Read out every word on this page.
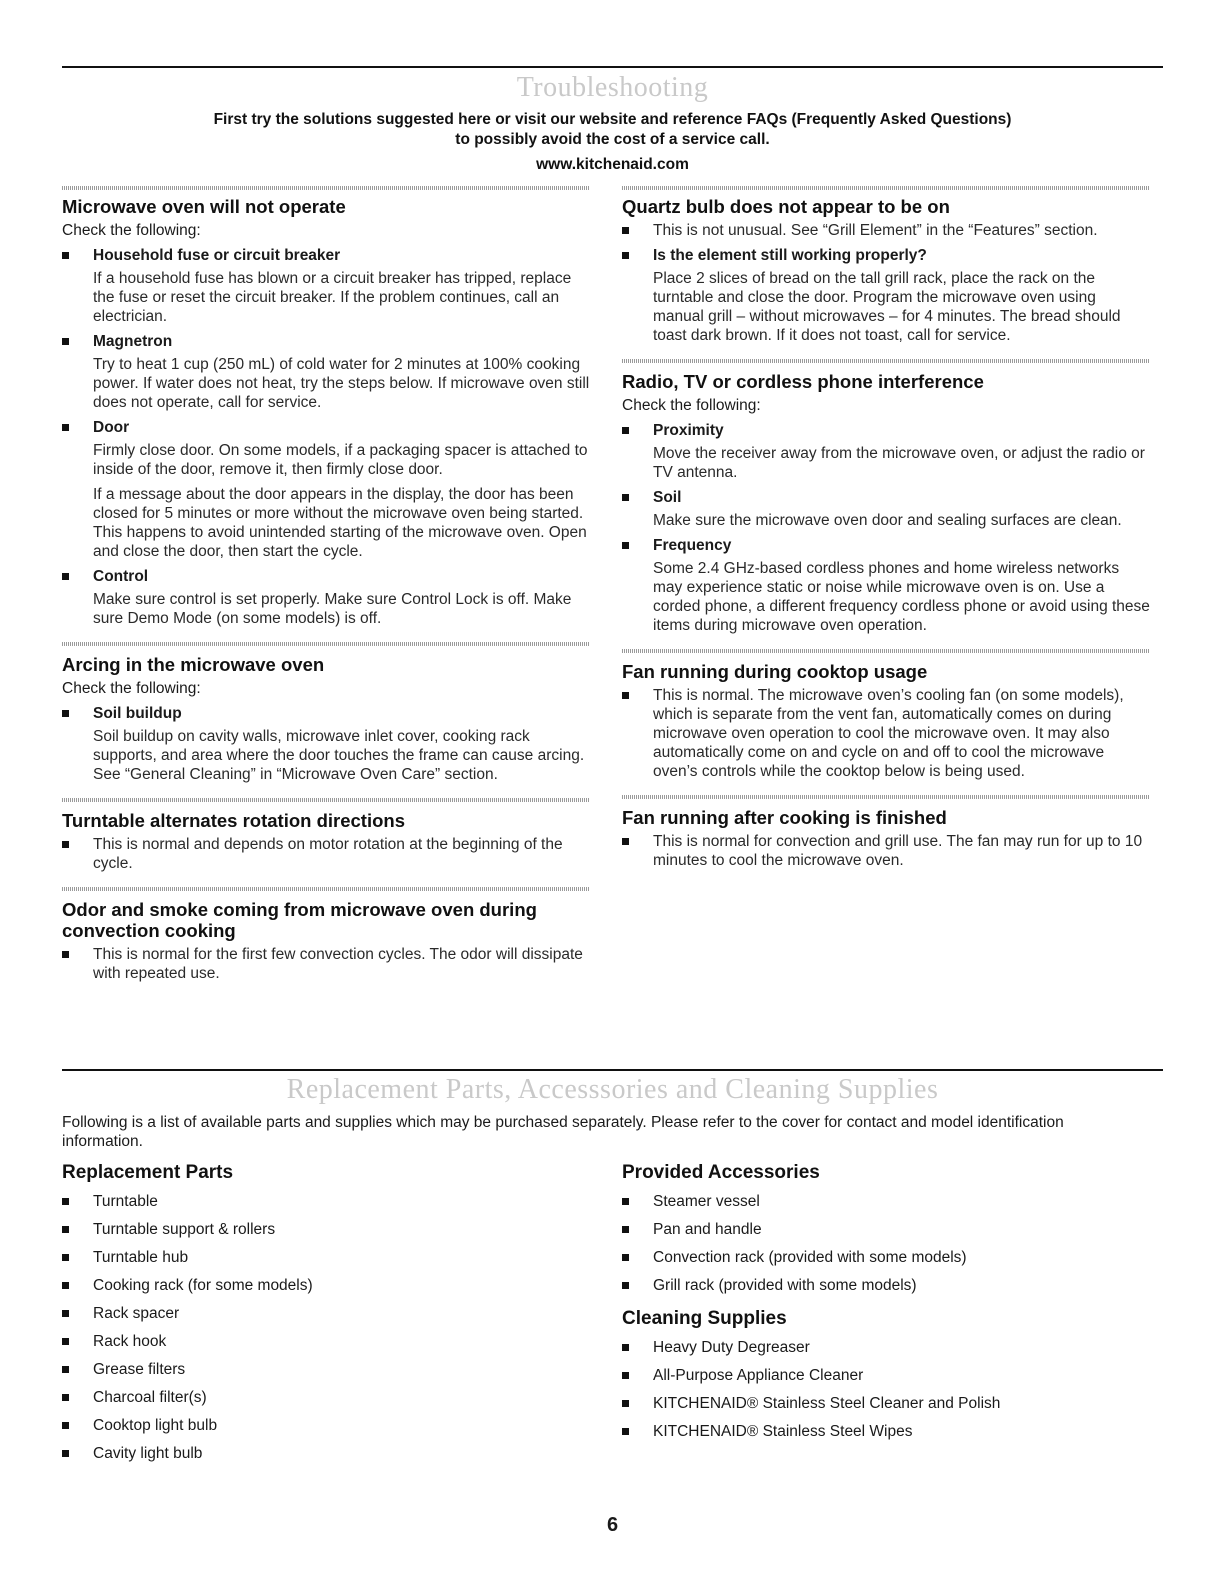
Troubleshooting
First try the solutions suggested here or visit our website and reference FAQs (Frequently Asked Questions)
to possibly avoid the cost of a service call.
www.kitchenaid.com
Microwave oven will not operate
Check the following:
Household fuse or circuit breaker
If a household fuse has blown or a circuit breaker has tripped, replace the fuse or reset the circuit breaker. If the problem continues, call an electrician.
Magnetron
Try to heat 1 cup (250 mL) of cold water for 2 minutes at 100% cooking power. If water does not heat, try the steps below. If microwave oven still does not operate, call for service.
Door
Firmly close door. On some models, if a packaging spacer is attached to inside of the door, remove it, then firmly close door.
If a message about the door appears in the display, the door has been closed for 5 minutes or more without the microwave oven being started. This happens to avoid unintended starting of the microwave oven. Open and close the door, then start the cycle.
Control
Make sure control is set properly. Make sure Control Lock is off. Make sure Demo Mode (on some models) is off.
Arcing in the microwave oven
Check the following:
Soil buildup
Soil buildup on cavity walls, microwave inlet cover, cooking rack supports, and area where the door touches the frame can cause arcing. See “General Cleaning” in “Microwave Oven Care” section.
Turntable alternates rotation directions
This is normal and depends on motor rotation at the beginning of the cycle.
Odor and smoke coming from microwave oven during convection cooking
This is normal for the first few convection cycles. The odor will dissipate with repeated use.
Quartz bulb does not appear to be on
This is not unusual. See “Grill Element” in the “Features” section.
Is the element still working properly?
Place 2 slices of bread on the tall grill rack, place the rack on the turntable and close the door. Program the microwave oven using manual grill – without microwaves – for 4 minutes. The bread should toast dark brown. If it does not toast, call for service.
Radio, TV or cordless phone interference
Check the following:
Proximity
Move the receiver away from the microwave oven, or adjust the radio or TV antenna.
Soil
Make sure the microwave oven door and sealing surfaces are clean.
Frequency
Some 2.4 GHz-based cordless phones and home wireless networks may experience static or noise while microwave oven is on. Use a corded phone, a different frequency cordless phone or avoid using these items during microwave oven operation.
Fan running during cooktop usage
This is normal. The microwave oven’s cooling fan (on some models), which is separate from the vent fan, automatically comes on during microwave oven operation to cool the microwave oven. It may also automatically come on and cycle on and off to cool the microwave oven’s controls while the cooktop below is being used.
Fan running after cooking is finished
This is normal for convection and grill use. The fan may run for up to 10 minutes to cool the microwave oven.
Replacement Parts, Accesssories and Cleaning Supplies
Following is a list of available parts and supplies which may be purchased separately. Please refer to the cover for contact and model identification information.
Replacement Parts
Turntable
Turntable support & rollers
Turntable hub
Cooking rack (for some models)
Rack spacer
Rack hook
Grease filters
Charcoal filter(s)
Cooktop light bulb
Cavity light bulb
Provided Accessories
Steamer vessel
Pan and handle
Convection rack (provided with some models)
Grill rack (provided with some models)
Cleaning Supplies
Heavy Duty Degreaser
All-Purpose Appliance Cleaner
KITCHENAID® Stainless Steel Cleaner and Polish
KITCHENAID® Stainless Steel Wipes
6
